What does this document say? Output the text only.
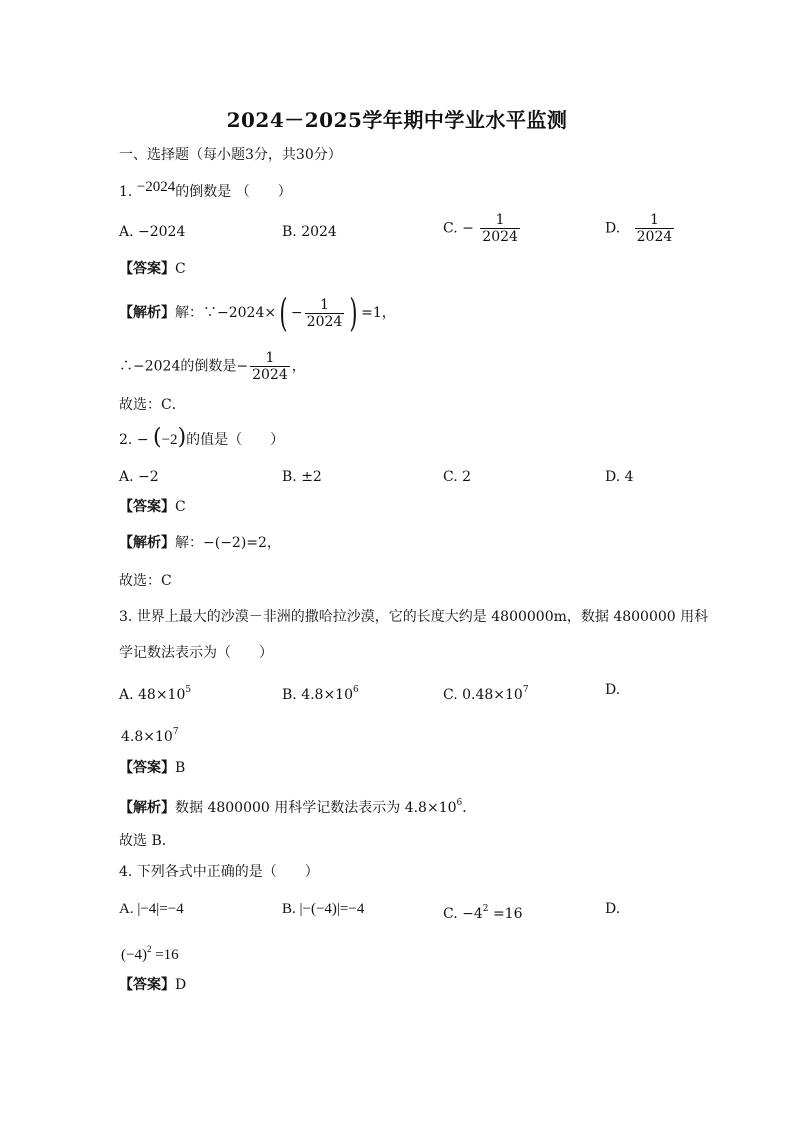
2024－2025学年期中学业水平监测
一、选择题（每小题3分，共30分）
1. −2024的倒数是 （　　）
A. −2024	B. 2024	C. − $\frac{1}{2024}$	D. $\frac{1}{2024}$
【答案】C
【解析】解：∵−2024×( − $\frac{1}{2024}$ ) =1，
∴−2024的倒数是− $\frac{1}{2024}$ ，
故选：C．
2. − (−2)的值是（　　）
A. −2	B. ±2	C. 2	D. 4
【答案】C
【解析】解：−(−2)=2，
故选：C
3. 世界上最大的沙漠－非洲的撒哈拉沙漠，它的长度大约是 4800000m，数据 4800000 用科
学记数法表示为（　　）
A. $48\times 10^5$	B. $4.8\times 10^6$	C. $0.48\times 10^7$	D.
$4.8\times 10^7$
【答案】B
【解析】数据 4800000 用科学记数法表示为 $4.8\times 10^6$．
故选 B．
4. 下列各式中正确的是（　　）
A. |−4|=−4	B. |−(−4)|=−4	C. $-4^2 =16$	D.
$(-4)^2 =16$
【答案】D
